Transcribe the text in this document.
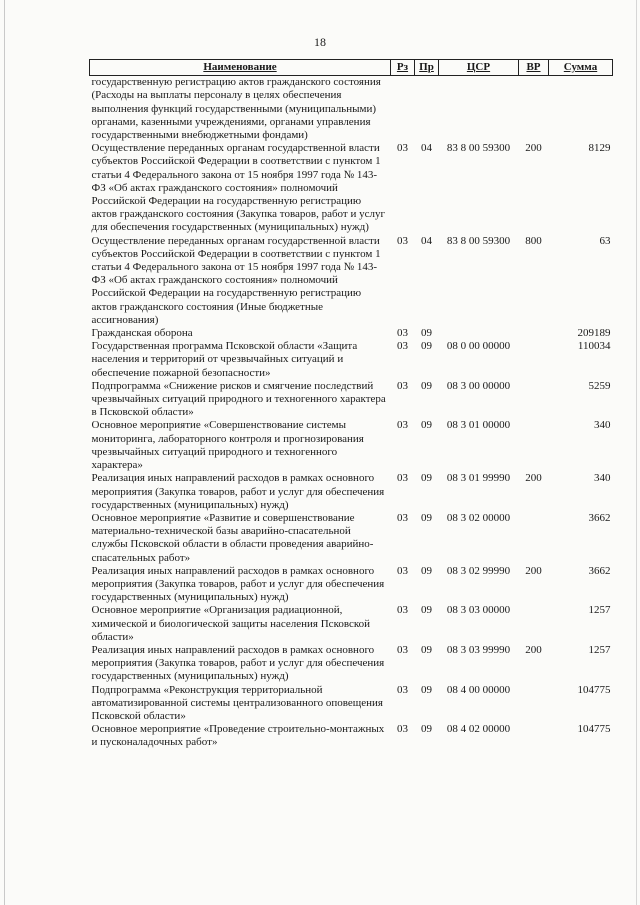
18
Наименование	Рз	Пр	ЦСР	ВР	Сумма
государственную регистрацию актов гражданского состояния (Расходы на выплаты персоналу в целях обеспечения выполнения функций государственными (муниципальными) органами, казенными учреждениями, органами управления государственными внебюджетными фондами)					
Осуществление переданных органам государственной власти субъектов Российской Федерации в соответствии с пунктом 1 статьи 4 Федерального закона от 15 ноября 1997 года № 143-ФЗ «Об актах гражданского состояния» полномочий Российской Федерации на государственную регистрацию актов гражданского состояния (Закупка товаров, работ и услуг для обеспечения государственных (муниципальных) нужд)	03	04	83 8 00 59300	200	8129
Осуществление переданных органам государственной власти субъектов Российской Федерации в соответствии с пунктом 1 статьи 4 Федерального закона от 15 ноября 1997 года № 143-ФЗ «Об актах гражданского состояния» полномочий Российской Федерации на государственную регистрацию актов гражданского состояния (Иные бюджетные ассигнования)	03	04	83 8 00 59300	800	63
Гражданская оборона	03	09			209189
Государственная программа Псковской области «Защита населения и территорий от чрезвычайных ситуаций и обеспечение пожарной безопасности»	03	09	08 0 00 00000		110034
Подпрограмма «Снижение рисков и смягчение последствий чрезвычайных ситуаций природного и техногенного характера в Псковской области»	03	09	08 3 00 00000		5259
Основное мероприятие «Совершенствование системы мониторинга, лабораторного контроля и прогнозирования чрезвычайных ситуаций природного и техногенного характера»	03	09	08 3 01 00000		340
Реализация иных направлений расходов в рамках основного мероприятия (Закупка товаров, работ и услуг для обеспечения государственных (муниципальных) нужд)	03	09	08 3 01 99990	200	340
Основное мероприятие «Развитие и совершенствование материально-технической базы аварийно-спасательной службы Псковской области в области проведения аварийно-спасательных работ»	03	09	08 3 02 00000		3662
Реализация иных направлений расходов в рамках основного мероприятия (Закупка товаров, работ и услуг для обеспечения государственных (муниципальных) нужд)	03	09	08 3 02 99990	200	3662
Основное мероприятие «Организация радиационной, химической и биологической защиты населения Псковской области»	03	09	08 3 03 00000		1257
Реализация иных направлений расходов в рамках основного мероприятия (Закупка товаров, работ и услуг для обеспечения государственных (муниципальных) нужд)	03	09	08 3 03 99990	200	1257
Подпрограмма «Реконструкция территориальной автоматизированной системы централизованного оповещения Псковской области»	03	09	08 4 00 00000		104775
Основное мероприятие «Проведение строительно-монтажных и пусконаладочных работ»	03	09	08 4 02 00000		104775
